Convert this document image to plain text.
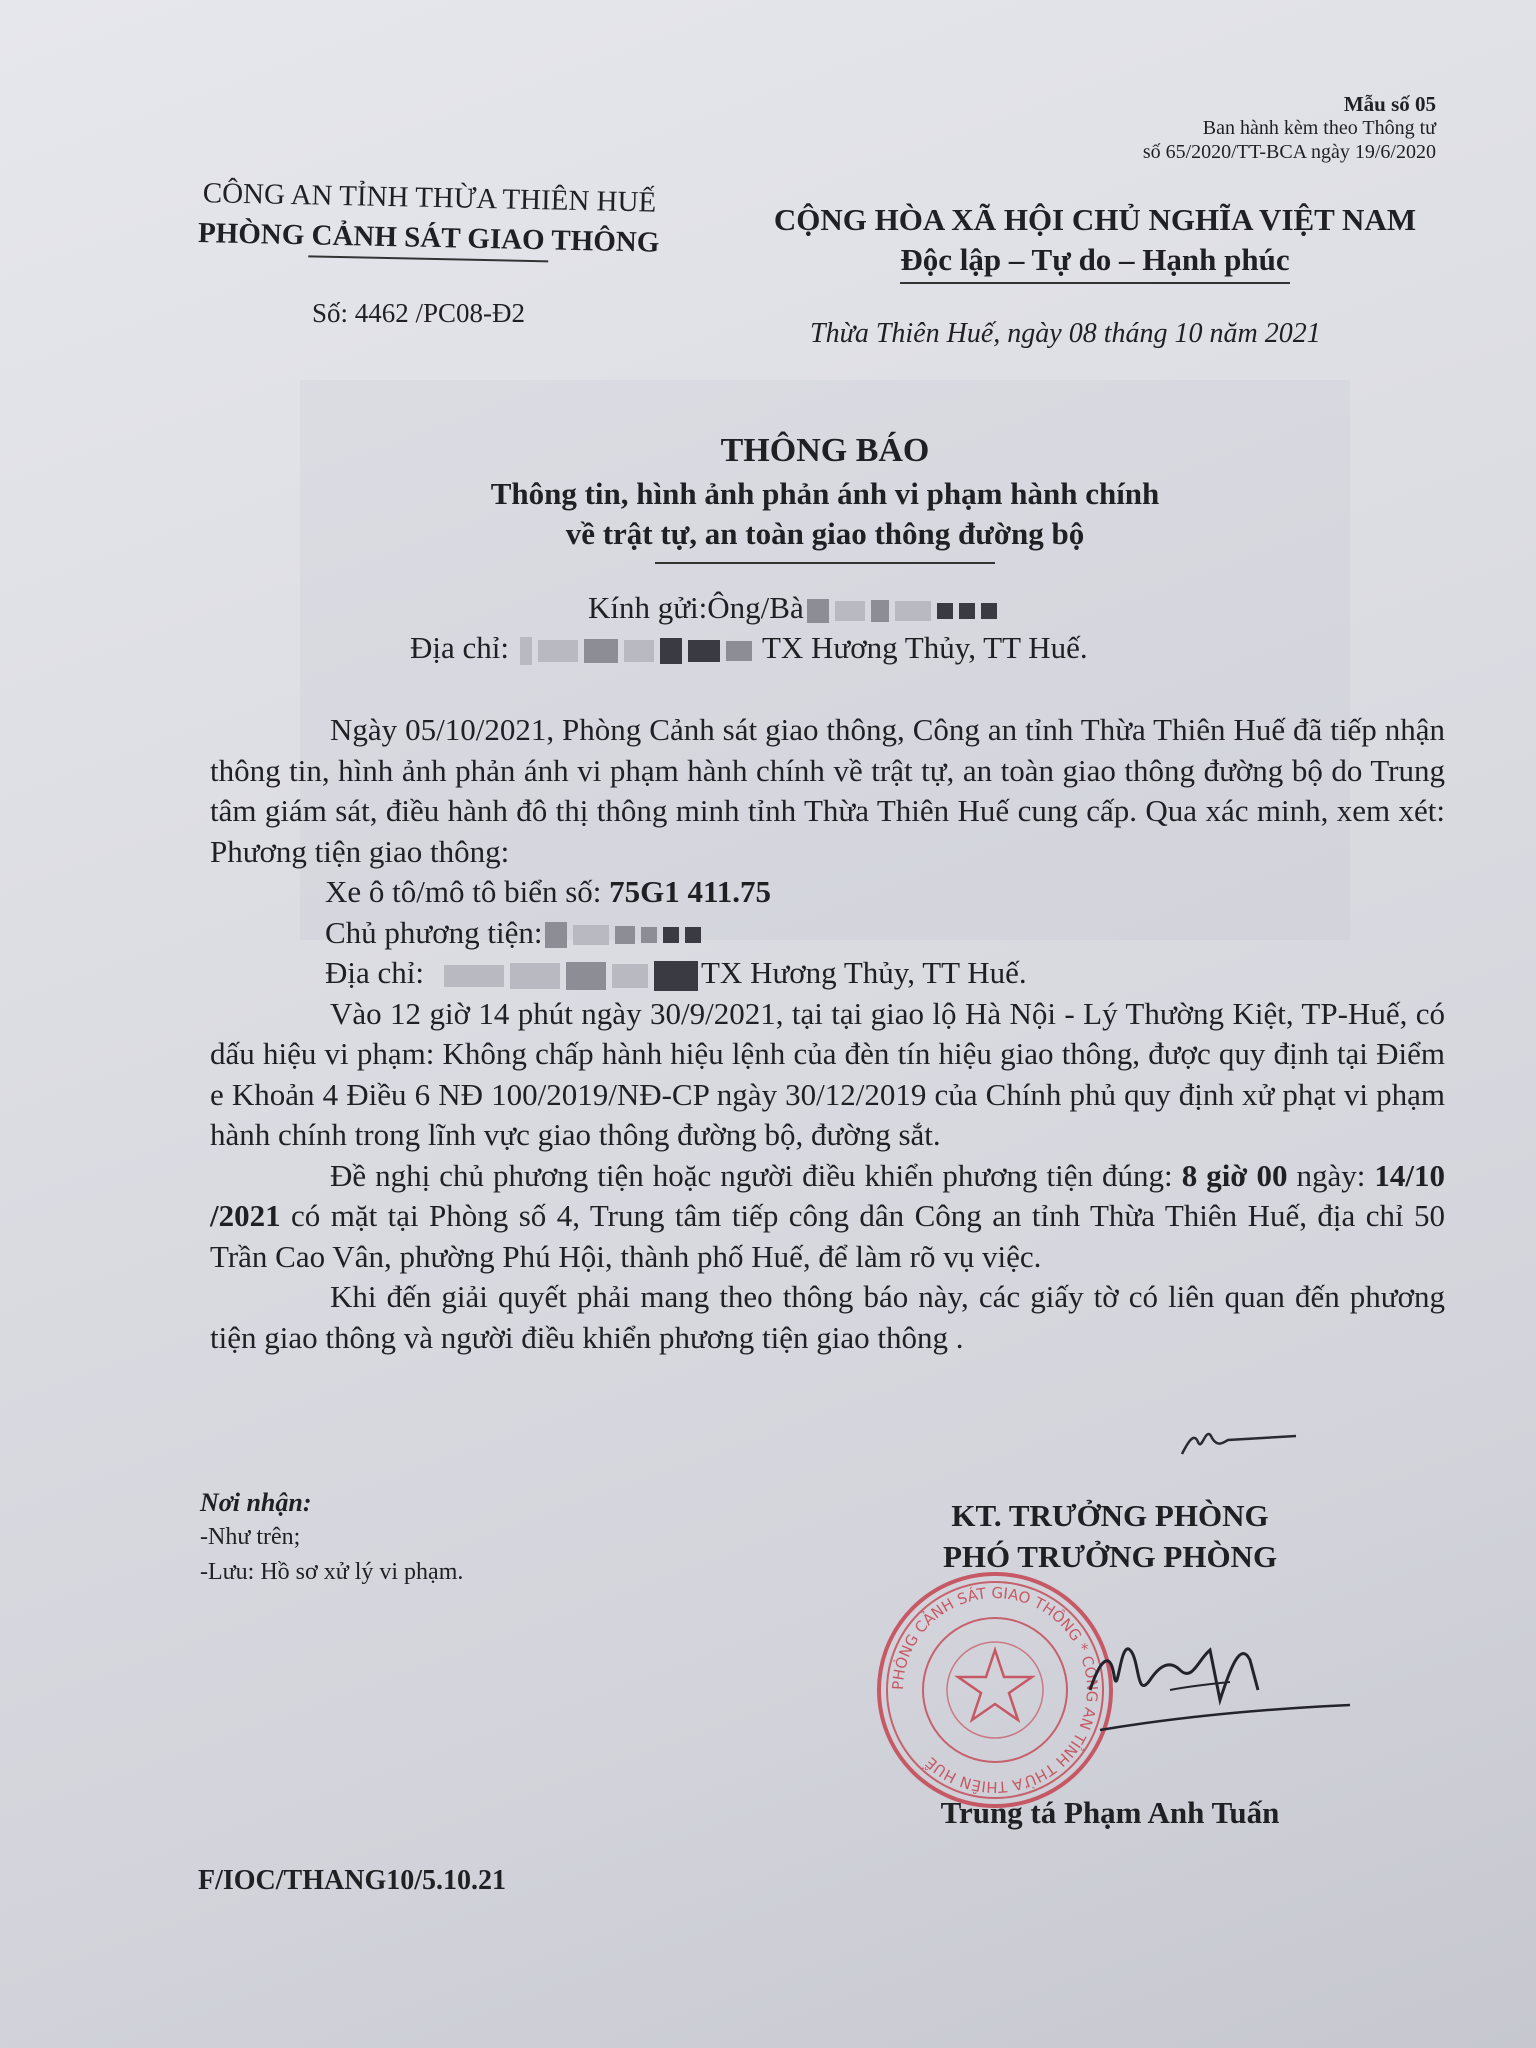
Mẫu số 05
Ban hành kèm theo Thông tư
số 65/2020/TT-BCA ngày 19/6/2020
CÔNG AN TỈNH THỪA THIÊN HUẾ
PHÒNG CẢNH SÁT GIAO THÔNG	CỘNG HÒA XÃ HỘI CHỦ NGHĨA VIỆT NAM
Độc lập – Tự do – Hạnh phúc
Số: 4462 /PC08-Đ2
Thừa Thiên Huế, ngày 08 tháng 10 năm 2021
THÔNG BÁO
Thông tin, hình ảnh phản ánh vi phạm hành chính
về trật tự, an toàn giao thông đường bộ
Kính gửi:Ông/Bà
Địa chỉ:	TX Hương Thủy, TT Huế.

Ngày 05/10/2021, Phòng Cảnh sát giao thông, Công an tỉnh Thừa Thiên Huế đã tiếp nhận thông tin, hình ảnh phản ánh vi phạm hành chính về trật tự, an toàn giao thông đường bộ do Trung tâm giám sát, điều hành đô thị thông minh tỉnh Thừa Thiên Huế cung cấp. Qua xác minh, xem xét: Phương tiện giao thông:

Xe ô tô/mô tô biển số: 75G1 411.75

Chủ phương tiện:

Địa chỉ:	TX Hương Thủy, TT Huế.

Vào 12 giờ 14 phút ngày 30/9/2021, tại tại giao lộ Hà Nội - Lý Thường Kiệt, TP-Huế, có dấu hiệu vi phạm: Không chấp hành hiệu lệnh của đèn tín hiệu giao thông, được quy định tại Điểm e Khoản 4 Điều 6 NĐ 100/2019/NĐ-CP ngày 30/12/2019 của Chính phủ quy định xử phạt vi phạm hành chính trong lĩnh vực giao thông đường bộ, đường sắt.

Đề nghị chủ phương tiện hoặc người điều khiển phương tiện đúng: 8 giờ 00 ngày: 14/10 /2021 có mặt tại Phòng số 4, Trung tâm tiếp công dân Công an tỉnh Thừa Thiên Huế, địa chỉ 50 Trần Cao Vân, phường Phú Hội, thành phố Huế, để làm rõ vụ việc.

Khi đến giải quyết phải mang theo thông báo này, các giấy tờ có liên quan đến phương tiện giao thông và người điều khiển phương tiện giao thông .

Nơi nhận:
-Như trên;
-Lưu: Hồ sơ xử lý vi phạm.
KT. TRƯỞNG PHÒNG
PHÓ TRƯỞNG PHÒNG
PHÒNG CẢNH SÁT GIAO THÔNG * CÔNG AN TỈNH THỪA THIÊN HUẾ
Trung tá Phạm Anh Tuấn
F/IOC/THANG10/5.10.21
